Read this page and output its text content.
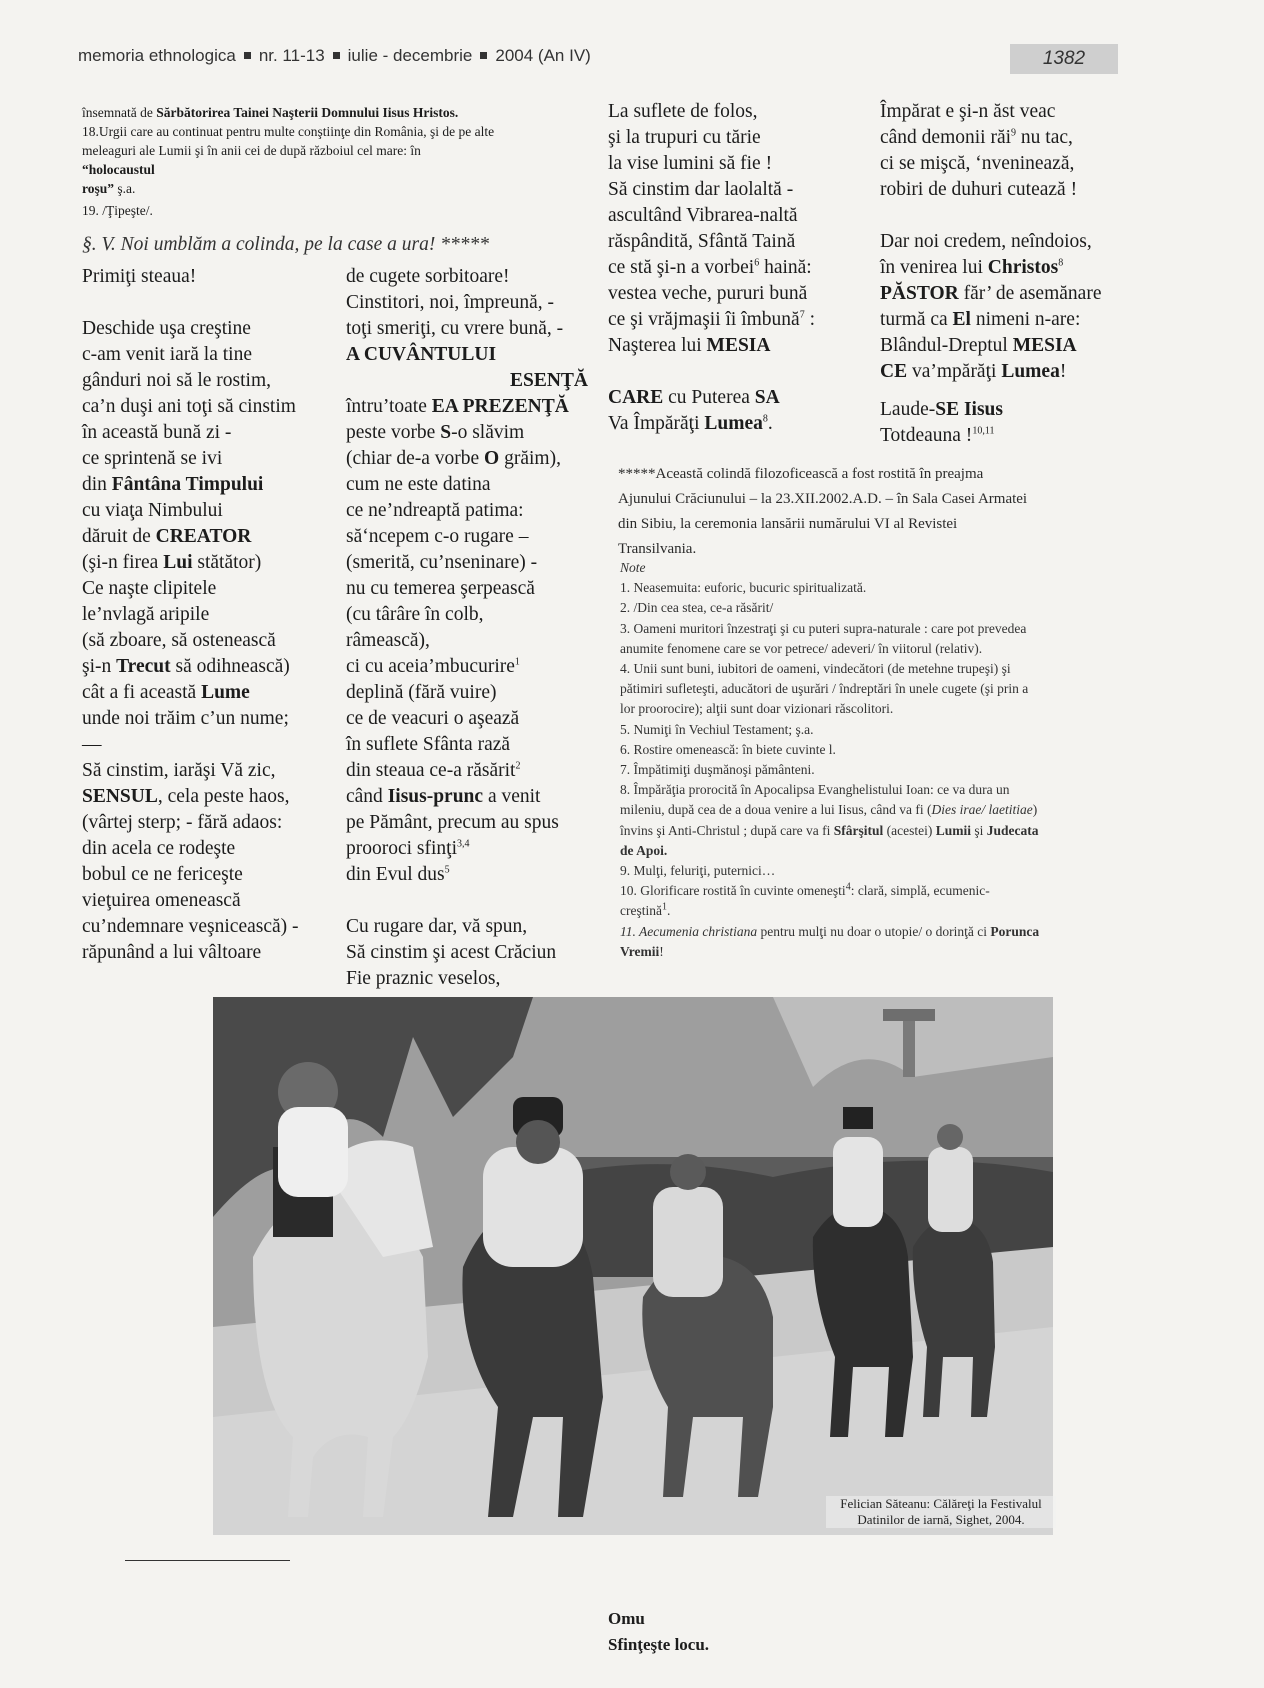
memoria ethnologica nr. 11-13 iulie - decembrie 2004 (An IV)	1382
însemnată de Sărbătorirea Tainei Naşterii Domnului Iisus Hristos.
18.Urgii care au continuat pentru multe conştiinţe din România, şi de pe alte
meleaguri ale Lumii şi în anii cei de după războiul cel mare: în
“holocaustul
roşu” ş.a.
19. /Ţipeşte/.
§. V. Noi umblăm a colinda, pe la case a ura! *****
Primiţi steaua!
Deschide uşa creştine
c-am venit iară la tine
gânduri noi să le rostim,
ca’n duşi ani toţi să cinstim
în această bună zi -
ce sprintenă se ivi
din Fântâna Timpului
cu viaţa Nimbului
dăruit de CREATOR
(şi-n firea Lui stătător)
Ce naşte clipitele
le’nvlagă aripile
(să zboare, să ostenească
şi-n Trecut să odihnească)
cât a fi această Lume
unde noi trăim c’un nume;
—
Să cinstim, iarăşi Vă zic,
SENSUL, cela peste haos,
(vârtej sterp; - fără adaos:
din acela ce rodeşte
bobul ce ne fericeşte
vieţuirea omenească
cu’ndemnare veşnicească) -
răpunând a lui vâltoare
de cugete sorbitoare!
Cinstitori, noi, împreună, -
toţi smeriţi, cu vrere bună, -
A CUVÂNTULUI
ESENŢĂ
întru’toate EA PREZENŢĂ
peste vorbe S-o slăvim
(chiar de-a vorbe O grăim),
cum ne este datina
ce ne’ndreaptă patima:
să‘ncepem c-o rugare –
(smerită, cu’nseninare) -
nu cu temerea şerpească
(cu târâre în colb,
râmească),
ci cu aceia’mbucurire$^1$
deplină (fără vuire)
ce de veacuri o aşează
în suflete Sfânta rază
din steaua ce-a răsărit$^2$
când Iisus-prunc a venit
pe Pământ, precum au spus
prooroci sfinţi$^{3,4}$
din Evul dus$^5$
Cu rugare dar, vă spun,
Să cinstim şi acest Crăciun
Fie praznic veselos,
La suflete de folos,
şi la trupuri cu tărie
la vise lumini să fie !
Să cinstim dar laolaltă -
ascultând Vibrarea-naltă
răspândită, Sfântă Taină
ce stă şi-n a vorbei$^6$ haină:
vestea veche, pururi bună
ce şi vrăjmaşii îi îmbună$^7$ :
Naşterea lui MESIA
CARE cu Puterea SA
Va Împărăţi Lumea$^8$.
Împărat e şi-n ăst veac
când demonii răi$^9$ nu tac,
ci se mişcă, ‘nveninează,
robiri de duhuri cutează !
Dar noi credem, neîndoios,
în venirea lui Christos$^8$
PĂSTOR făr’ de asemănare
turmă ca El nimeni n-are:
Blândul-Dreptul MESIA
CE va’mpărăţi Lumea!
Laude-SE Iisus
Totdeauna !$^{10,11}$
*****Această colindă filozoficească a fost rostită în preajma
Ajunului Crăciunului – la 23.XII.2002.A.D. – în Sala Casei Armatei
din Sibiu, la ceremonia lansării numărului VI al Revistei
Transilvania.
Note
1. Neasemuita: euforic, bucuric spiritualizată.
2. /Din cea stea, ce-a răsărit/
3. Oameni muritori înzestraţi şi cu puteri supra-naturale : care pot prevedea
anumite fenomene care se vor petrece/ adeveri/ în viitorul (relativ).
4. Unii sunt buni, iubitori de oameni, vindecători (de metehne trupeşi) şi
pătimiri sufleteşti, aducători de uşurări / îndreptări în unele cugete (şi prin a
lor proorocire); alţii sunt doar vizionari răscolitori.
5. Numiţi în Vechiul Testament; ş.a.
6. Rostire omenească: în biete cuvinte l.
7. Împătimiţi duşmănoşi pământeni.
8. Împărăţia prorocită în Apocalipsa Evanghelistului Ioan: ce va dura un
mileniu, după cea de a doua venire a lui Iisus, când va fi (Dies irae/ laetitiae)
învins şi Anti-Christul ; după care va fi Sfârşitul (acestei) Lumii şi Judecata
de Apoi.
9. Mulţi, feluriţi, puternici…
10. Glorificare rostită în cuvinte omeneşti$^4$: clară, simplă, ecumenic-
creştină$^1$.
11. Aecumenia christiana pentru mulţi nu doar o utopie/ o dorinţă ci Porunca
Vremii!
Felician Săteanu: Călăreţi la Festivalul
Datinilor de iarnă, Sighet, 2004.
Omu
Sfinţeşte locu.
